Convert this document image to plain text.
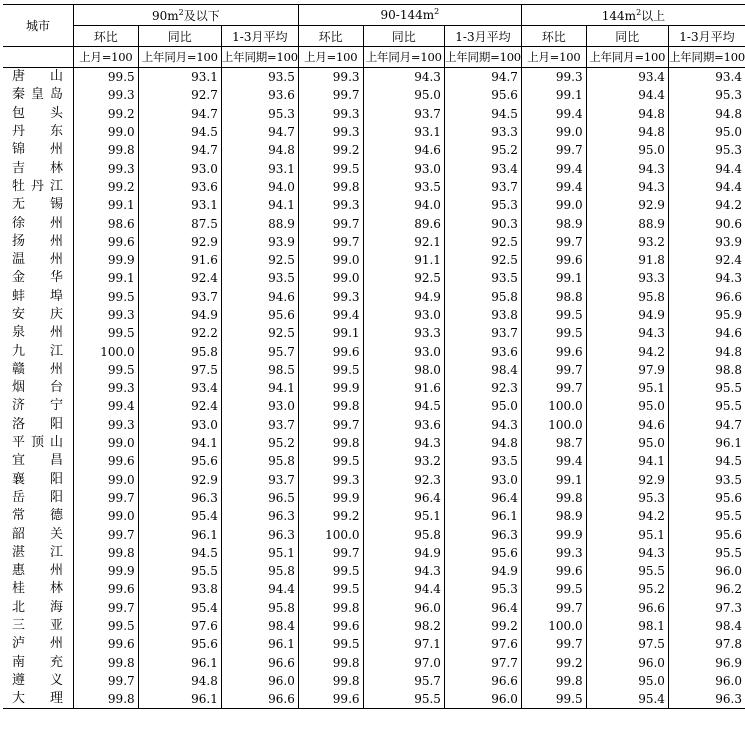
城市	$90m^2$及以下			$90-144m^2$			$144m^2$以上		
	环比	同比	1-3月平均	环比	同比	1-3月平均	环比	同比	1-3月平均
	上月=100	上年同月=100	上年同期=100	上月=100	上年同月=100	上年同期=100	上月=100	上年同月=100	上年同期=100
唐山	99.5	93.1	93.5	99.3	94.3	94.7	99.3	93.4	93.4
秦皇岛	99.3	92.7	93.6	99.7	95.0	95.6	99.1	94.4	95.3
包头	99.2	94.7	95.3	99.3	93.7	94.5	99.4	94.8	94.8
丹东	99.0	94.5	94.7	99.3	93.1	93.3	99.0	94.8	95.0
锦州	99.8	94.7	94.8	99.2	94.6	95.2	99.7	95.0	95.3
吉林	99.3	93.0	93.1	99.5	93.0	93.4	99.4	94.3	94.4
牡丹江	99.2	93.6	94.0	99.8	93.5	93.7	99.4	94.3	94.4
无锡	99.1	93.1	94.1	99.3	94.0	95.3	99.0	92.9	94.2
徐州	98.6	87.5	88.9	99.7	89.6	90.3	98.9	88.9	90.6
扬州	99.6	92.9	93.9	99.7	92.1	92.5	99.7	93.2	93.9
温州	99.9	91.6	92.5	99.0	91.1	92.5	99.6	91.8	92.4
金华	99.1	92.4	93.5	99.0	92.5	93.5	99.1	93.3	94.3
蚌埠	99.5	93.7	94.6	99.3	94.9	95.8	98.8	95.8	96.6
安庆	99.3	94.9	95.6	99.4	93.0	93.8	99.5	94.9	95.9
泉州	99.5	92.2	92.5	99.1	93.3	93.7	99.5	94.3	94.6
九江	100.0	95.8	95.7	99.6	93.0	93.6	99.6	94.2	94.8
赣州	99.5	97.5	98.5	99.5	98.0	98.4	99.7	97.9	98.8
烟台	99.3	93.4	94.1	99.9	91.6	92.3	99.7	95.1	95.5
济宁	99.4	92.4	93.0	99.8	94.5	95.0	100.0	95.0	95.5
洛阳	99.3	93.0	93.7	99.7	93.6	94.3	100.0	94.6	94.7
平顶山	99.0	94.1	95.2	99.8	94.3	94.8	98.7	95.0	96.1
宜昌	99.6	95.6	95.8	99.5	93.2	93.5	99.4	94.1	94.5
襄阳	99.0	92.9	93.7	99.3	92.3	93.0	99.1	92.9	93.5
岳阳	99.7	96.3	96.5	99.9	96.4	96.4	99.8	95.3	95.6
常德	99.0	95.4	96.3	99.2	95.1	96.1	98.9	94.2	95.5
韶关	99.7	96.1	96.3	100.0	95.8	96.3	99.9	95.1	95.6
湛江	99.8	94.5	95.1	99.7	94.9	95.6	99.3	94.3	95.5
惠州	99.9	95.5	95.8	99.5	94.3	94.9	99.6	95.5	96.0
桂林	99.6	93.8	94.4	99.5	94.4	95.3	99.5	95.2	96.2
北海	99.7	95.4	95.8	99.8	96.0	96.4	99.7	96.6	97.3
三亚	99.5	97.6	98.4	99.6	98.2	99.2	100.0	98.1	98.4
泸州	99.6	95.6	96.1	99.5	97.1	97.6	99.7	97.5	97.8
南充	99.8	96.1	96.6	99.8	97.0	97.7	99.2	96.0	96.9
遵义	99.7	94.8	96.0	99.8	95.7	96.6	99.8	95.0	96.0
大理	99.8	96.1	96.6	99.6	95.5	96.0	99.5	95.4	96.3
